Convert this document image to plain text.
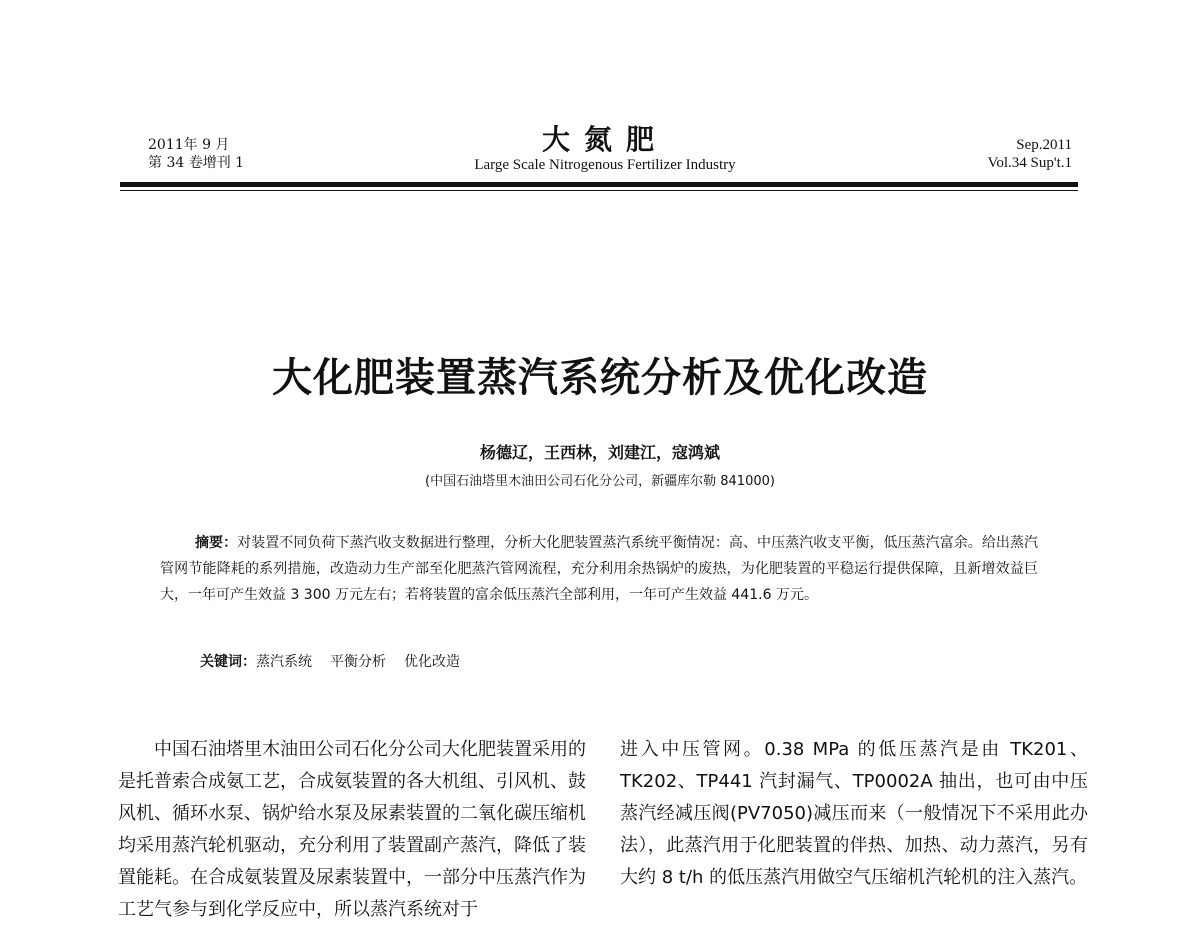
2011年 9 月
第 34 卷增刊 1
大氮肥
Large Scale Nitrogenous Fertilizer Industry
Sep.2011
Vol.34 Sup't.1
大化肥装置蒸汽系统分析及优化改造
杨德辽，王西林，刘建江，寇鸿斌
(中国石油塔里木油田公司石化分公司，新疆库尔勒 841000)

摘要：对装置不同负荷下蒸汽收支数据进行整理，分析大化肥装置蒸汽系统平衡情况：高、中压蒸汽收支平衡，低压蒸汽富余。给出蒸汽管网节能降耗的系列措施，改造动力生产部至化肥蒸汽管网流程，充分利用余热锅炉的废热，为化肥装置的平稳运行提供保障，且新增效益巨大，一年可产生效益 3 300 万元左右；若将装置的富余低压蒸汽全部利用，一年可产生效益 441.6 万元。

关键词：蒸汽系统 平衡分析 优化改造

中国石油塔里木油田公司石化分公司大化肥装置采用的是托普索合成氨工艺，合成氨装置的各大机组、引风机、鼓风机、循环水泵、锅炉给水泵及尿素装置的二氧化碳压缩机均采用蒸汽轮机驱动，充分利用了装置副产蒸汽，降低了装置能耗。在合成氨装置及尿素装置中，一部分中压蒸汽作为工艺气参与到化学反应中，所以蒸汽系统对于

进入中压管网。0.38 MPa 的低压蒸汽是由 TK201、TK202、TP441 汽封漏气、TP0002A 抽出，也可由中压蒸汽经减压阀(PV7050)减压而来（一般情况下不采用此办法），此蒸汽用于化肥装置的伴热、加热、动力蒸汽，另有大约 8 t/h 的低压蒸汽用做空气压缩机汽轮机的注入蒸汽。
